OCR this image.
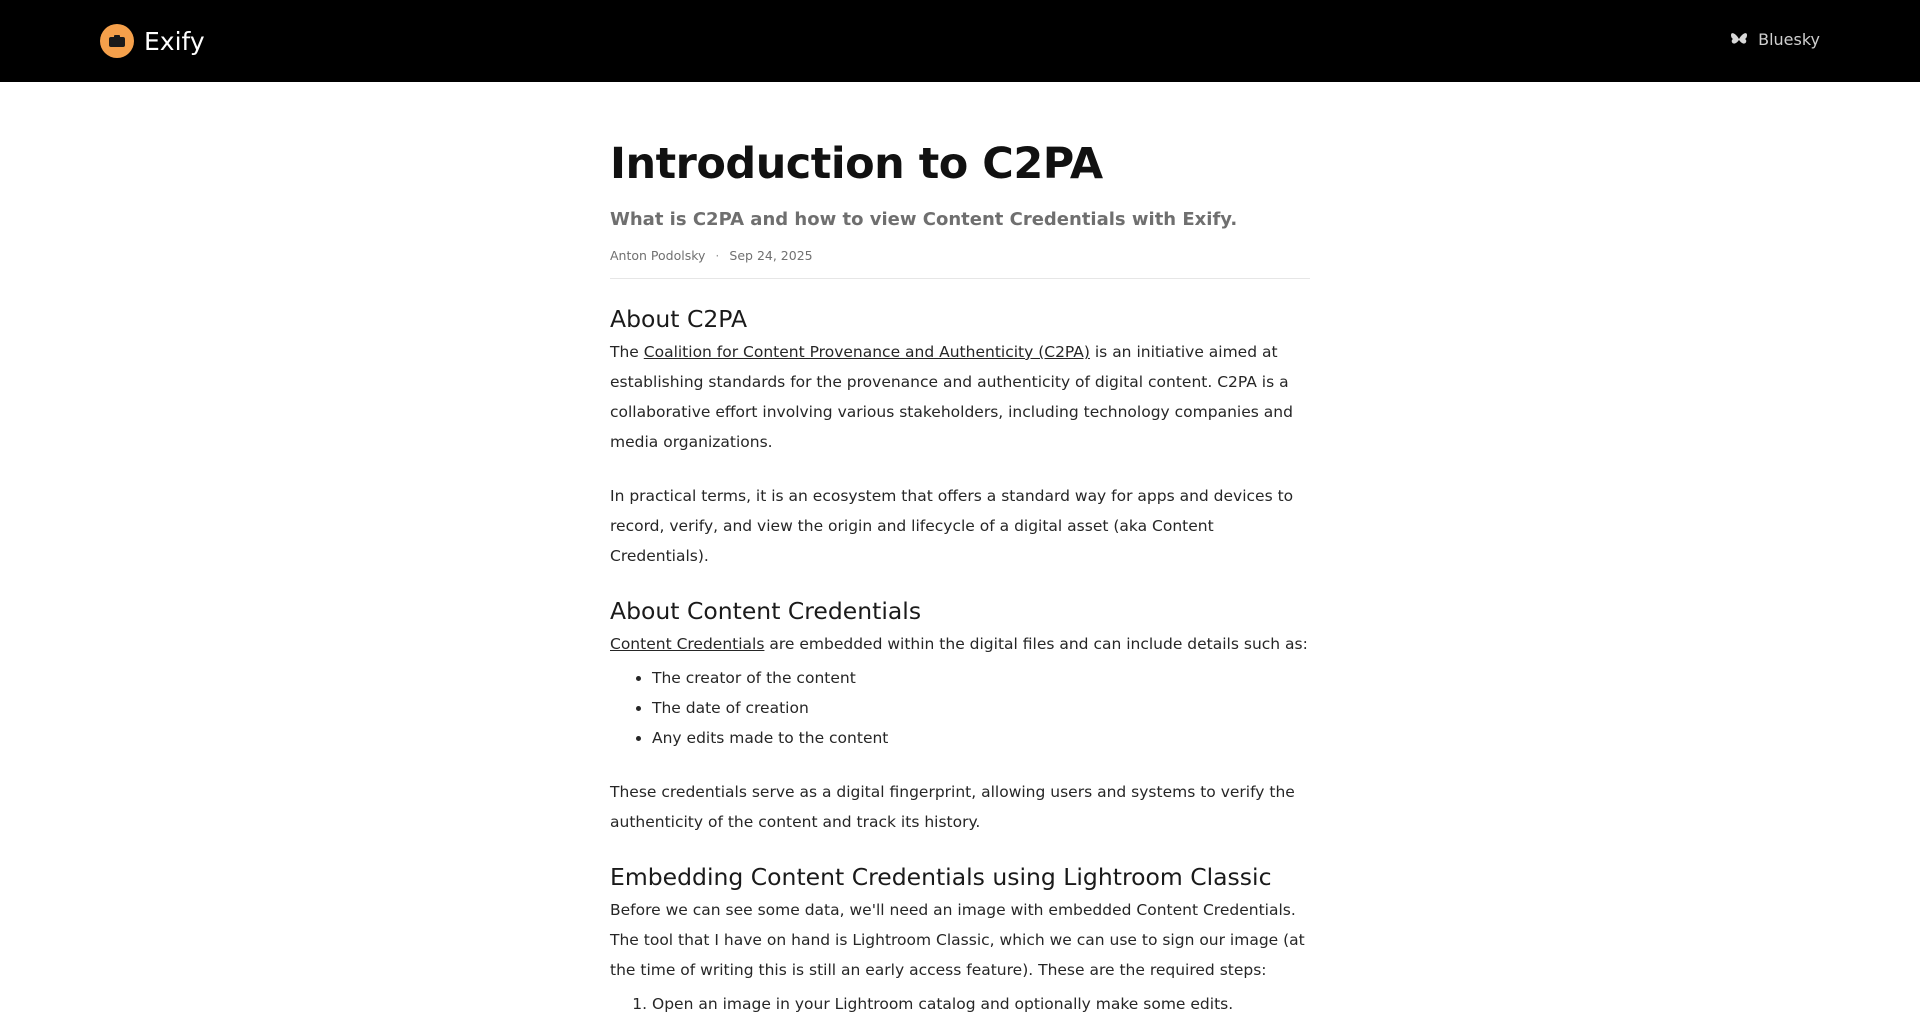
Exify	Bluesky
Introduction to C2PA
What is C2PA and how to view Content Credentials with Exify.
Anton Podolsky · Sep 24, 2025
About C2PA

The Coalition for Content Provenance and Authenticity (C2PA) is an initiative aimed at establishing standards for the provenance and authenticity of digital content. C2PA is a collaborative effort involving various stakeholders, including technology companies and media organizations.

In practical terms, it is an ecosystem that offers a standard way for apps and devices to record, verify, and view the origin and lifecycle of a digital asset (aka Content Credentials).

About Content Credentials

Content Credentials are embedded within the digital files and can include details such as:

• The creator of the content
• The date of creation
• Any edits made to the content

These credentials serve as a digital fingerprint, allowing users and systems to verify the authenticity of the content and track its history.

Embedding Content Credentials using Lightroom Classic

Before we can see some data, we'll need an image with embedded Content Credentials. The tool that I have on hand is Lightroom Classic, which we can use to sign our image (at the time of writing this is still an early access feature). These are the required steps:

1. Open an image in your Lightroom catalog and optionally make some edits.
